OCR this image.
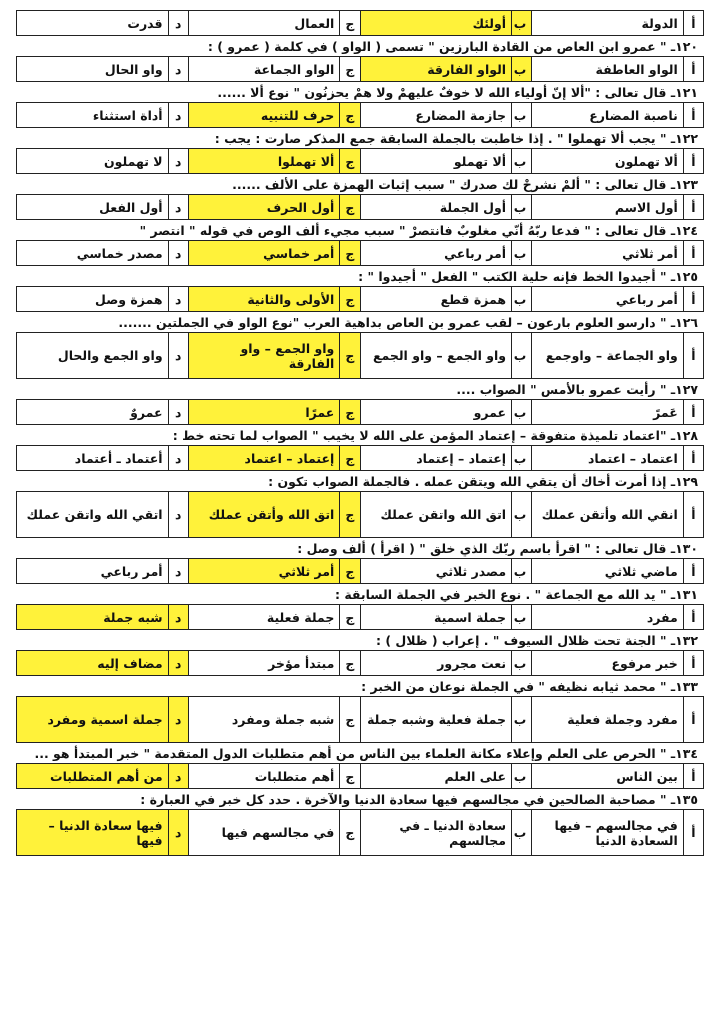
أ	الدولة	ب	أولئك	ج	العمال	د	قدرت
١٢٠ـ " عمرو ابن العاص من القادة البارزين " تسمى ( الواو ) في كلمة ( عمرو ) :
أ	الواو العاطفة	ب	الواو الفارقة	ج	الواو الجماعة	د	واو الحال
١٢١ـ قال تعالى : "ألا إنّ أولياء الله لا خوفٌ عليهمْ ولا همْ يحزنُون " نوع ألا ......
أ	ناصبة المضارع	ب	جازمة المضارع	ج	حرف للتنبيه	د	أداة استثناء
١٢٢ـ " يجب ألا تهملوا " . إذا خاطبت بالجملة السابقة جمع المذكر صارت : يجب :
أ	ألا تهملون	ب	ألا تهملو	ج	ألا تهملوا	د	لا تهملون
١٢٣ـ قال تعالى : " ألمْ نشرحْ لك صدرك " سبب إثبات الهمزة على الألف ......
أ	أول الاسم	ب	أول الجملة	ج	أول الحرف	د	أول الفعل
١٢٤ـ قال تعالى : " فدعا ربّهُ أنّي مغلوبٌ فانتصرْ " سبب مجيء ألف الوص في قوله " انتصر "
أ	أمر ثلاثي	ب	أمر رباعي	ج	أمر خماسي	د	مصدر خماسي
١٢٥ـ " أجيدوا الخط فإنه حلية الكتب " الفعل " أجيدوا " :
أ	أمر رباعي	ب	همزة قطع	ج	الأولى والثانية	د	همزة وصل
١٢٦ـ " دارسو العلوم بارعون – لقب عمرو بن العاص بداهية العرب "نوع الواو في الجملتين .......
أ	واو الجماعة – واوجمع	ب	واو الجمع – واو الجمع	ج	واو الجمع – واو الفارقة	د	واو الجمع والحال
١٢٧ـ " رأيت عمرو بالأمس " الصواب ....
أ	عَمرً	ب	عمرو	ج	عمرًا	د	عمروٌ
١٢٨ـ "اعتماد تلميذة متفوقة – إعتماد المؤمن على الله لا يخيب " الصواب لما تحته خط :
أ	اعتماد – اعتماد	ب	إعتماد – إعتماد	ج	إعتماد – اعتماد	د	أعتماد ـ أعتماد
١٢٩ـ إذا أمرت أخاك أن يتقي الله ويتقن عمله . فالجملة الصواب تكون :
أ	انقي الله وأتقن عملك	ب	اتق الله واتقن عملك	ج	اتق الله وأتقن عملك	د	اتقي الله واتقن عملك
١٣٠ـ قال تعالى : " اقرأ باسم ربّك الذي خلق " ( اقرأ ) ألف وصل :
أ	ماضي ثلاثي	ب	مصدر ثلاثي	ج	أمر ثلاثي	د	أمر رباعي
١٣١ـ " يد الله مع الجماعة " . نوع الخبر في الجملة السابقة :
أ	مفرد	ب	جملة اسمية	ج	جملة فعلية	د	شبه جملة
١٣٢ـ " الجنة تحت ظلال السيوف " . إعراب ( ظلال ) :
أ	خبر مرفوع	ب	نعت مجرور	ج	مبتدأ مؤخر	د	مضاف إليه
١٣٣ـ " محمد ثيابه نظيفه " في الجملة نوعان من الخبر :
أ	مفرد وجملة فعلية	ب	جملة فعلية وشبه جملة	ج	شبه جملة ومفرد	د	جملة اسمية ومفرد
١٣٤ـ " الحرص على العلم وإعلاء مكانة العلماء بين الناس من أهم متطلبات الدول المتقدمة " خبر المبتدأ هو ...
أ	بين الناس	ب	على العلم	ج	أهم متطلبات	د	من أهم المتطلبات
١٣٥ـ " مصاحبة الصالحين في مجالسهم فيها سعادة الدنيا والآخرة . حدد كل خبر في العبارة :
أ	في مجالسهم – فيها السعادة الدنيا	ب	سعادة الدنيا ـ في مجالسهم	ج	في مجالسهم فيها	د	فيها سعادة الدنيا – فيها
